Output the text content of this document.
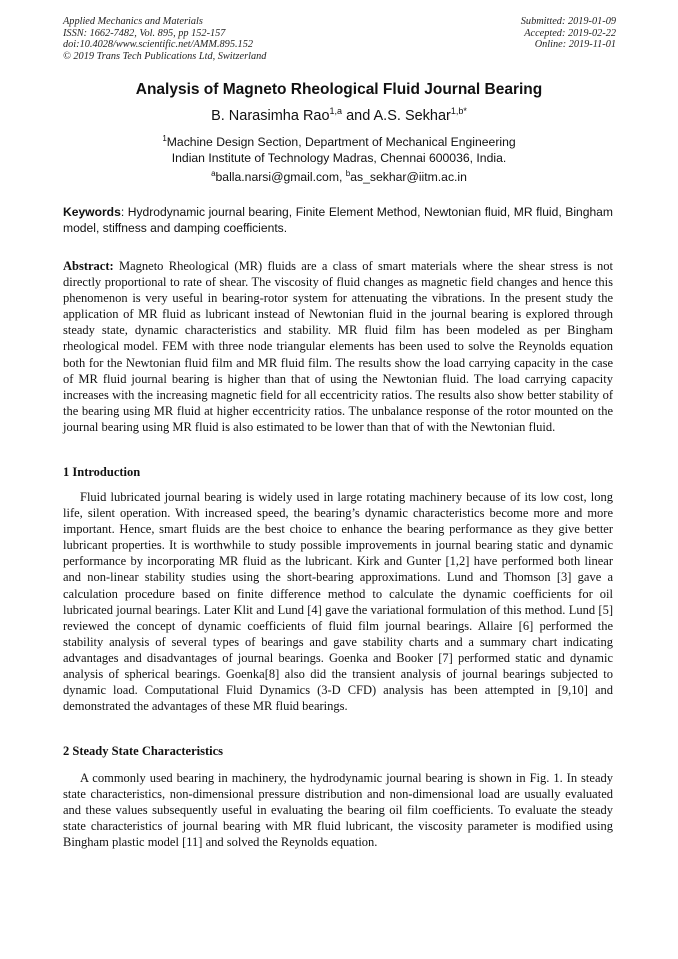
Applied Mechanics and Materials
ISSN: 1662-7482, Vol. 895, pp 152-157
doi:10.4028/www.scientific.net/AMM.895.152
© 2019 Trans Tech Publications Ltd, Switzerland
Submitted: 2019-01-09
Accepted: 2019-02-22
Online: 2019-11-01
Analysis of Magneto Rheological Fluid Journal Bearing
B. Narasimha Rao$^{1,a}$ and A.S. Sekhar$^{1,b*}$
$^1$Machine Design Section, Department of Mechanical Engineering
Indian Institute of Technology Madras, Chennai 600036, India.
$^a$balla.narsi@gmail.com, $^b$as_sekhar@iitm.ac.in
Keywords: Hydrodynamic journal bearing, Finite Element Method, Newtonian fluid, MR fluid, Bingham model, stiffness and damping coefficients.
Abstract: Magneto Rheological (MR) fluids are a class of smart materials where the shear stress is not directly proportional to rate of shear. The viscosity of fluid changes as magnetic field changes and hence this phenomenon is very useful in bearing-rotor system for attenuating the vibrations. In the present study the application of MR fluid as lubricant instead of Newtonian fluid in the journal bearing is explored through steady state, dynamic characteristics and stability. MR fluid film has been modeled as per Bingham rheological model. FEM with three node triangular elements has been used to solve the Reynolds equation both for the Newtonian fluid film and MR fluid film. The results show the load carrying capacity in the case of MR fluid journal bearing is higher than that of using the Newtonian fluid. The load carrying capacity increases with the increasing magnetic field for all eccentricity ratios. The results also show better stability of the bearing using MR fluid at higher eccentricity ratios. The unbalance response of the rotor mounted on the journal bearing using MR fluid is also estimated to be lower than that of with the Newtonian fluid.
1 Introduction
Fluid lubricated journal bearing is widely used in large rotating machinery because of its low cost, long life, silent operation. With increased speed, the bearing’s dynamic characteristics become more and more important. Hence, smart fluids are the best choice to enhance the bearing performance as they give better lubricant properties. It is worthwhile to study possible improvements in journal bearing static and dynamic performance by incorporating MR fluid as the lubricant. Kirk and Gunter [1,2] have performed both linear and non-linear stability studies using the short-bearing approximations. Lund and Thomson [3] gave a calculation procedure based on finite difference method to calculate the dynamic coefficients for oil lubricated journal bearings. Later Klit and Lund [4] gave the variational formulation of this method. Lund [5] reviewed the concept of dynamic coefficients of fluid film journal bearings. Allaire [6] performed the stability analysis of several types of bearings and gave stability charts and a summary chart indicating advantages and disadvantages of journal bearings. Goenka and Booker [7] performed static and dynamic analysis of spherical bearings. Goenka[8] also did the transient analysis of journal bearings subjected to dynamic load. Computational Fluid Dynamics (3-D CFD) analysis has been attempted in [9,10] and demonstrated the advantages of these MR fluid bearings.
2 Steady State Characteristics
A commonly used bearing in machinery, the hydrodynamic journal bearing is shown in Fig. 1. In steady state characteristics, non-dimensional pressure distribution and non-dimensional load are usually evaluated and these values subsequently useful in evaluating the bearing oil film coefficients. To evaluate the steady state characteristics of journal bearing with MR fluid lubricant, the viscosity parameter is modified using Bingham plastic model [11] and solved the Reynolds equation.
